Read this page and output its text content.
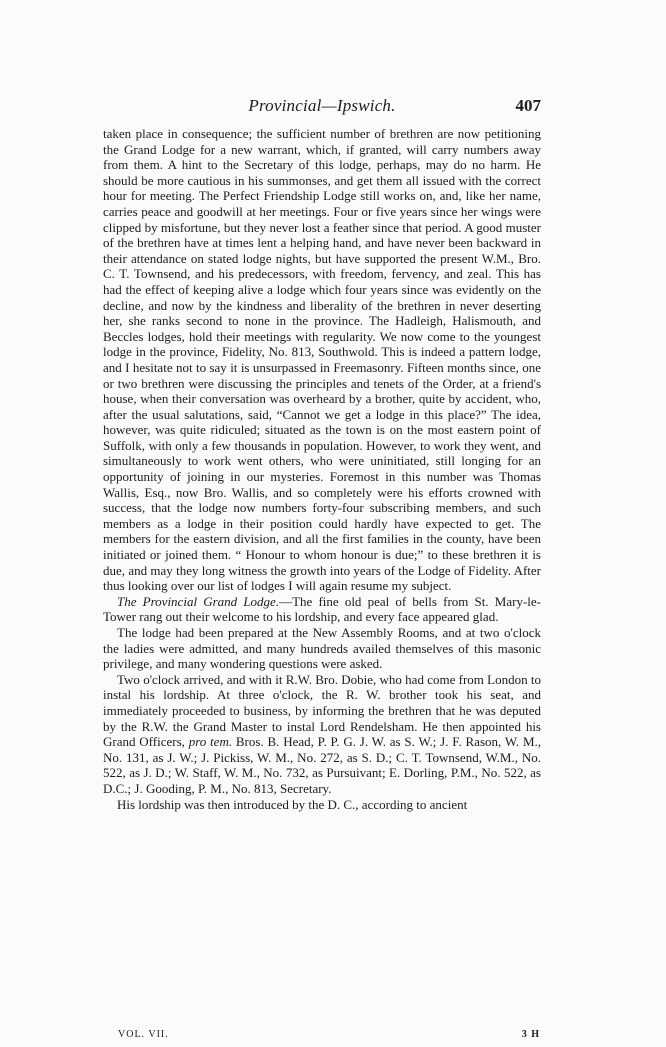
Provincial—Ipswich.	407

taken place in consequence; the sufficient number of brethren are now petitioning the Grand Lodge for a new warrant, which, if granted, will carry numbers away from them. A hint to the Secretary of this lodge, perhaps, may do no harm. He should be more cautious in his summonses, and get them all issued with the correct hour for meeting. The Perfect Friendship Lodge still works on, and, like her name, carries peace and goodwill at her meetings. Four or five years since her wings were clipped by misfortune, but they never lost a feather since that period. A good muster of the brethren have at times lent a helping hand, and have never been backward in their attendance on stated lodge nights, but have supported the present W.M., Bro. C. T. Townsend, and his predecessors, with freedom, fervency, and zeal. This has had the effect of keeping alive a lodge which four years since was evidently on the decline, and now by the kindness and liberality of the brethren in never deserting her, she ranks second to none in the province. The Hadleigh, Halismouth, and Beccles lodges, hold their meetings with regularity. We now come to the youngest lodge in the province, Fidelity, No. 813, Southwold. This is indeed a pattern lodge, and I hesitate not to say it is unsurpassed in Freemasonry. Fifteen months since, one or two brethren were discussing the principles and tenets of the Order, at a friend's house, when their conversation was overheard by a brother, quite by accident, who, after the usual salutations, said, “Cannot we get a lodge in this place?” The idea, however, was quite ridiculed; situated as the town is on the most eastern point of Suffolk, with only a few thousands in population. However, to work they went, and simultaneously to work went others, who were uninitiated, still longing for an opportunity of joining in our mysteries. Foremost in this number was Thomas Wallis, Esq., now Bro. Wallis, and so completely were his efforts crowned with success, that the lodge now numbers forty-four subscribing members, and such members as a lodge in their position could hardly have expected to get. The members for the eastern division, and all the first families in the county, have been initiated or joined them. “ Honour to whom honour is due;” to these brethren it is due, and may they long witness the growth into years of the Lodge of Fidelity. After thus looking over our list of lodges I will again resume my subject.

The Provincial Grand Lodge.—The fine old peal of bells from St. Mary-le-Tower rang out their welcome to his lordship, and every face appeared glad.

The lodge had been prepared at the New Assembly Rooms, and at two o'clock the ladies were admitted, and many hundreds availed themselves of this masonic privilege, and many wondering questions were asked.

Two o'clock arrived, and with it R.W. Bro. Dobie, who had come from London to instal his lordship. At three o'clock, the R. W. brother took his seat, and immediately proceeded to business, by informing the brethren that he was deputed by the R.W. the Grand Master to instal Lord Rendelsham. He then appointed his Grand Officers, pro tem. Bros. B. Head, P. P. G. J. W. as S. W.; J. F. Rason, W. M., No. 131, as J. W.; J. Pickiss, W. M., No. 272, as S. D.; C. T. Townsend, W.M., No. 522, as J. D.; W. Staff, W. M., No. 732, as Pursuivant; E. Dorling, P.M., No. 522, as D.C.; J. Gooding, P. M., No. 813, Secretary.

His lordship was then introduced by the D. C., according to ancient

VOL. VII.	3 H
